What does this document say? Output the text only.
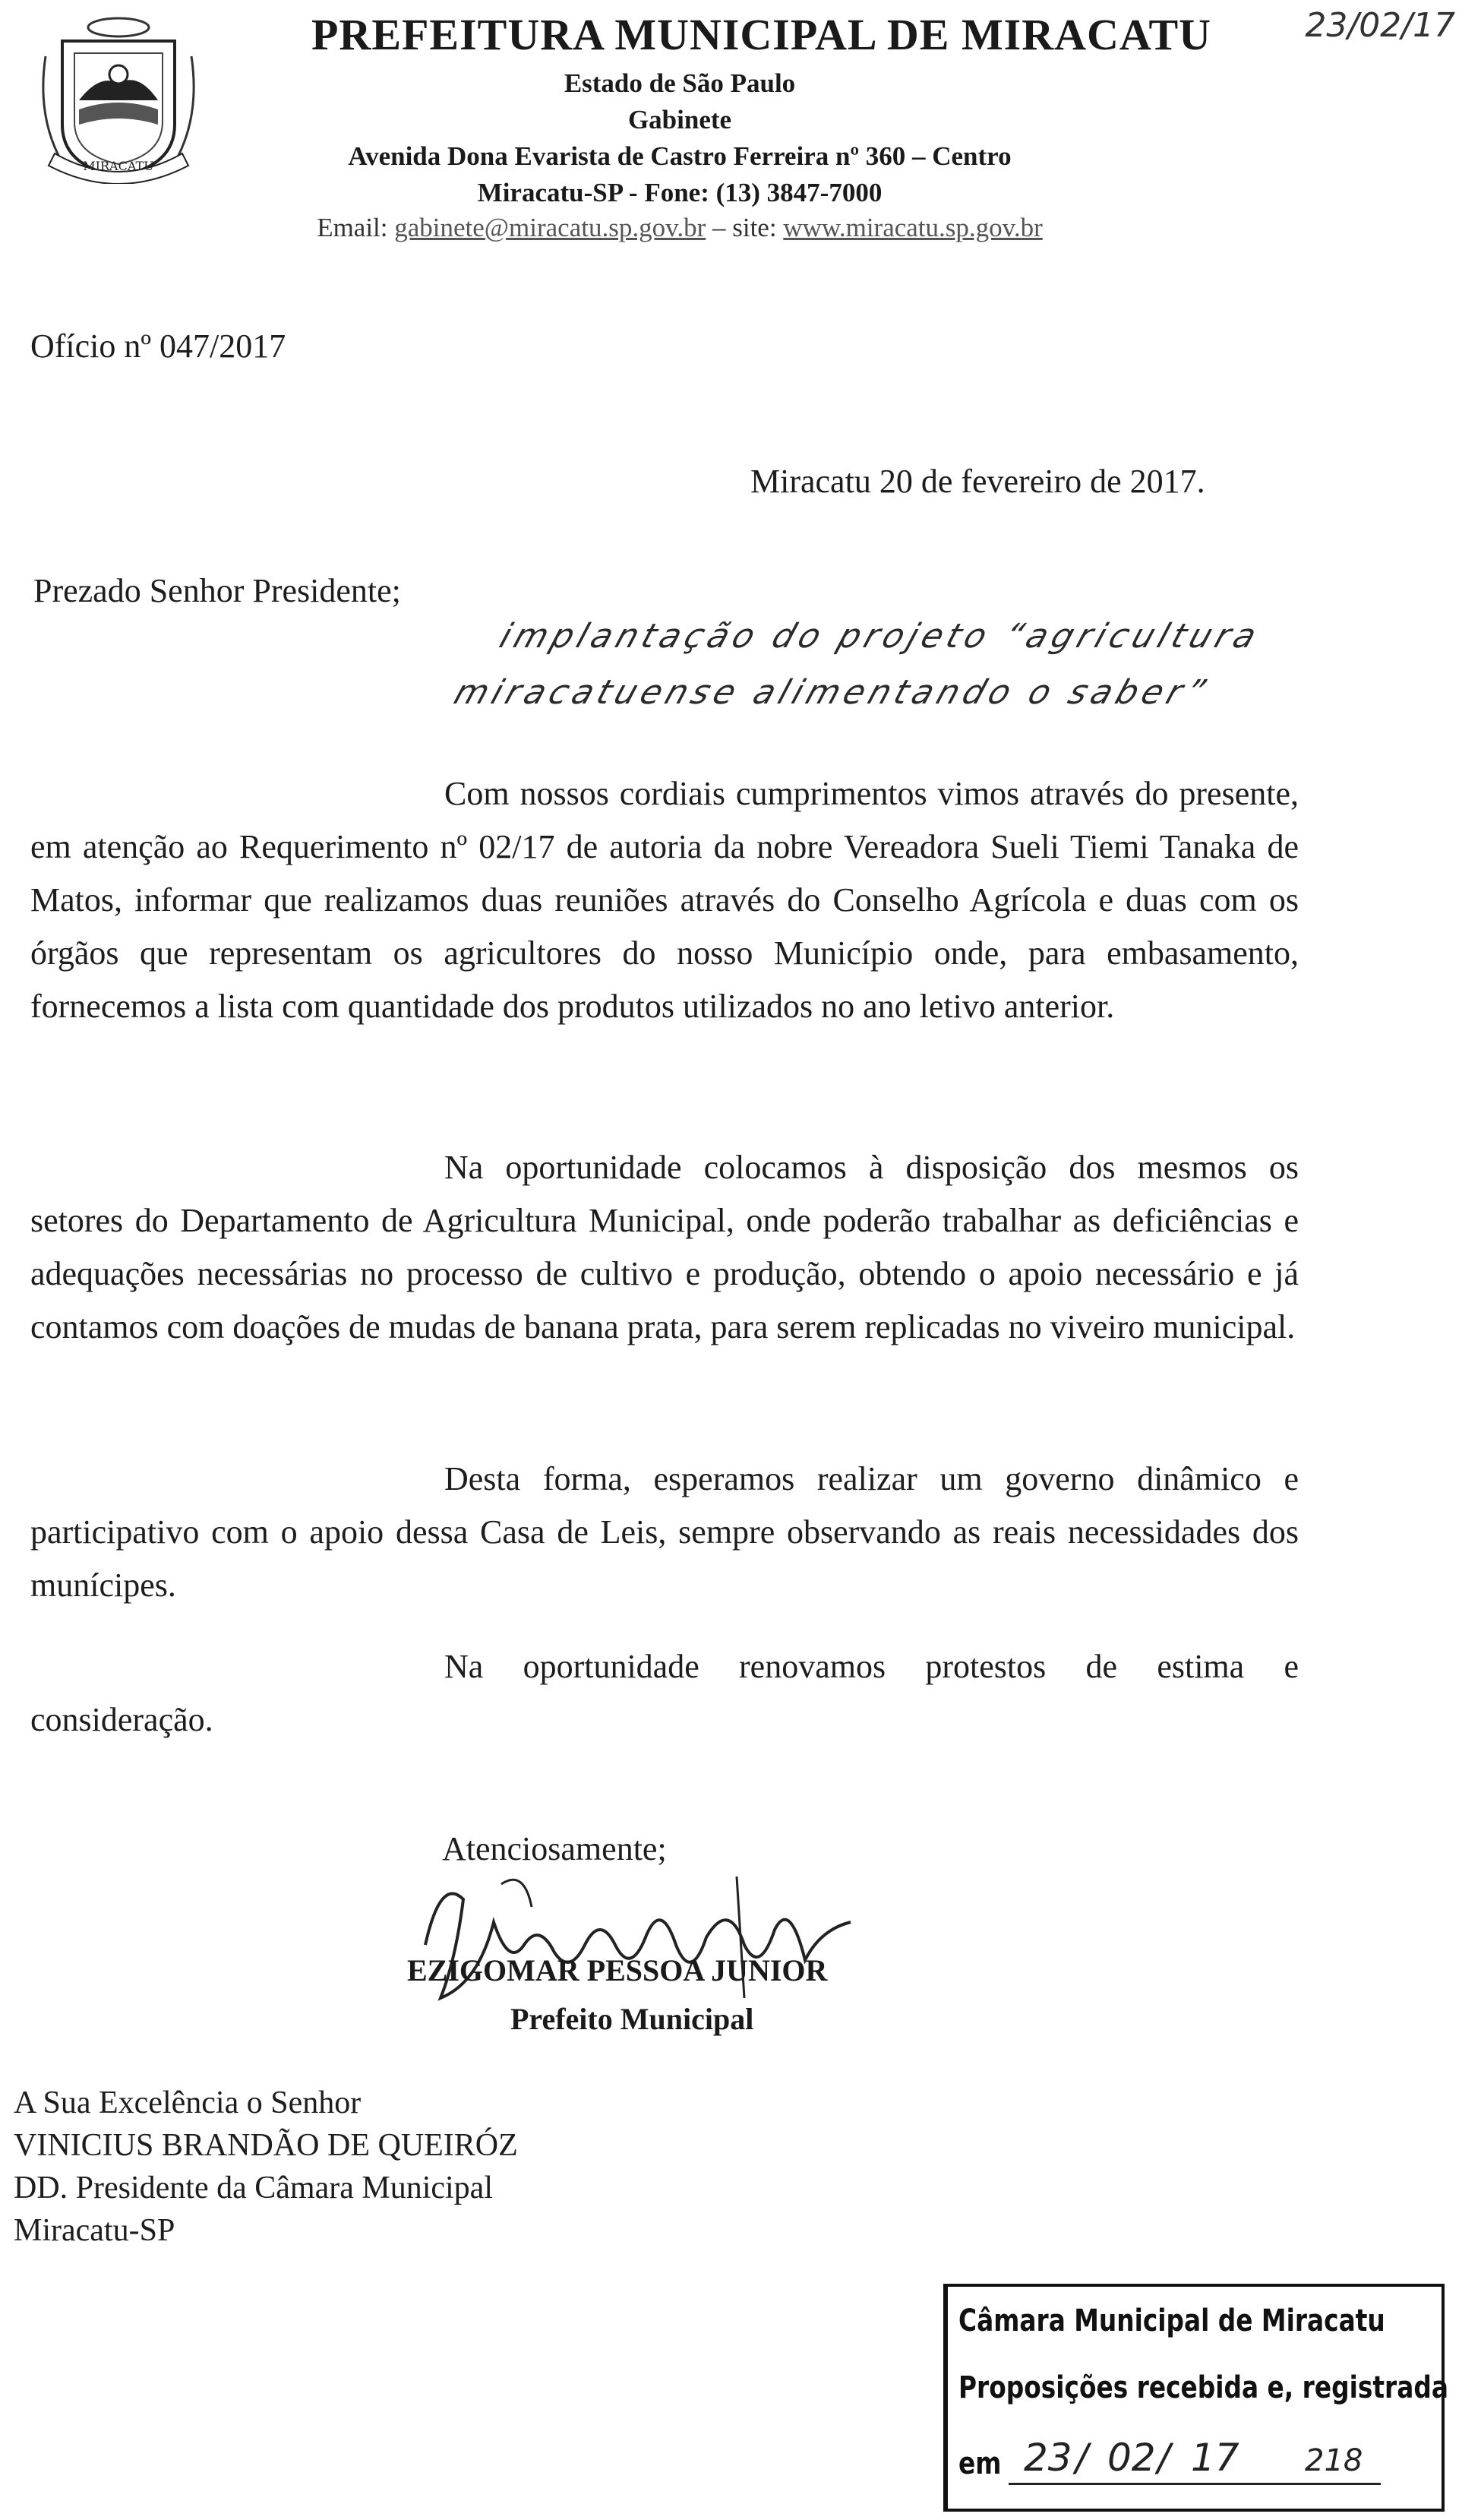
MIRACATU
PREFEITURA MUNICIPAL DE MIRACATU
Estado de São Paulo
Gabinete
Avenida Dona Evarista de Castro Ferreira nº 360 – Centro
Miracatu-SP - Fone: (13) 3847-7000
Email: gabinete@miracatu.sp.gov.br – site: www.miracatu.sp.gov.br
23/02/17
Ofício nº 047/2017
Miracatu 20 de fevereiro de 2017.
Prezado Senhor Presidente;
implantação do projeto “agricultura
miracatuense alimentando o saber”
Com nossos cordiais cumprimentos vimos através do presente, em atenção ao Requerimento nº 02/17 de autoria da nobre Vereadora Sueli Tiemi Tanaka de Matos, informar que realizamos duas reuniões através do Conselho Agrícola e duas com os órgãos que representam os agricultores do nosso Município onde, para embasamento, fornecemos a lista com quantidade dos produtos utilizados no ano letivo anterior.
Na oportunidade colocamos à disposição dos mesmos os setores do Departamento de Agricultura Municipal, onde poderão trabalhar as deficiências e adequações necessárias no processo de cultivo e produção, obtendo o apoio necessário e já contamos com doações de mudas de banana prata, para serem replicadas no viveiro municipal.
Desta forma, esperamos realizar um governo dinâmico e participativo com o apoio dessa Casa de Leis, sempre observando as reais necessidades dos munícipes.
Na oportunidade renovamos protestos de estima e consideração.
Atenciosamente;
EZIGOMAR PESSOA JUNIOR
Prefeito Municipal
A Sua Excelência o Senhor
VINICIUS BRANDÃO DE QUEIRÓZ
DD. Presidente da Câmara Municipal
Miracatu-SP
Câmara Municipal de Miracatu
Proposições recebida e, registrada
em 23 / 02 / 17 218
